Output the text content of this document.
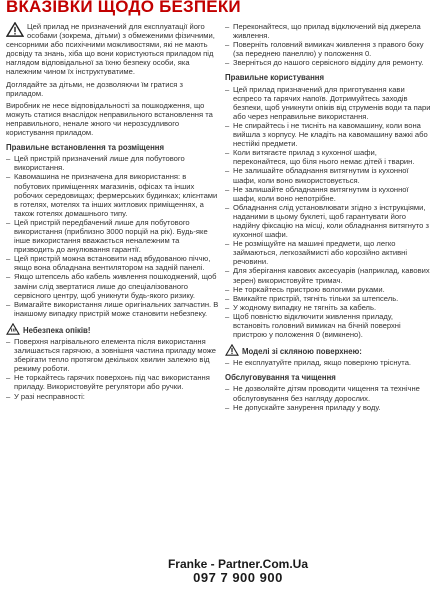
ВКАЗІВКИ ЩОДО БЕЗПЕКИ
Цей прилад не призначений для експлуатації його особами (зокрема, дітьми) з обмеженими фізичними, сенсорними або психічними можливостями, які не мають досвіду та знань, хіба що вони користуються приладом під наглядом відповідальної за їхню безпеку особи, яка належним чином їх інструктуватиме.
Доглядайте за дітьми, не дозволяючи їм гратися з приладом.
Виробник не несе відповідальності за пошкодження, що можуть статися внаслідок неправильного встановлення та неправильного, ненале жного чи нерозсудливого користування приладом.
Правильне встановлення та розміщення
– Цей пристрій призначений лише для побутового використання.
– Кавомашина не призначена для використання: в побутових приміщеннях магазинів, офісах та інших робочих середовищах; фермерських будинках; клієнтами в готелях, мотелях та інших житлових приміщеннях, а також готелях домашнього типу.
– Цей пристрій передбачений лише для побутового використання (приблизно 3000 порцій на рік). Будь-яке інше використання вважається неналежним та призводить до анулювання гарантії.
– Цей пристрій можна встановити над вбудованою піччю, якщо вона обладнана вентилятором на задній панелі.
– Якщо штепсель або кабель живлення пошкоджений, щоб заміни слід звертатися лише до спеціалізованого сервісного центру, щоб уникнути будь-якого ризику.
– Вимагайте використання лише оригінальних запчастин. В інакшому випадку пристрій може становити небезпеку.
Небезпека опіків!
– Поверхня нагрівального елемента після використання залишається гарячою, а зовнішня частина приладу може зберігати тепло протягом декількох хвилин залежно від режиму роботи.
– Не торкайтесь гарячих поверхонь під час використання приладу. Використовуйте регулятори або ручки.
– У разі несправності:
– Переконайтеся, що прилад відключений від джерела живлення.
– Поверніть головний вимикач живлення з правого боку (за переднею панеллю) у положення 0.
– Зверніться до нашого сервісного відділу для ремонту.
Правильне користування
– Цей прилад призначений для приготування кави еспресо та гарячих напоїв. Дотримуйтесь заходів безпеки, щоб уникнути опіків від струменів води та пари або через неправильне використання.
– Не спирайтесь і не тисніть на кавомашину, коли вона вийшла з корпусу. Не кладіть на кавомашину важкі або нестійкі предмети.
– Коли витягаєте прилад з кухонної шафи, переконайтеся, що біля нього немає дітей і тварин.
– Не залишайте обладнання витягнутим із кухонної шафи, коли воно використовується.
– Не залишайте обладнання витягнутим із кухонної шафи, коли воно непотрібне.
– Обладнання слід установлювати згідно з інструкціями, наданими в цьому буклеті, щоб гарантувати його надійну фіксацію на місці, коли обладнання витягнуто з кухонної шафи.
– Не розміщуйте на машині предмети, що легко займаються, легкозаймисті або корозійно активні речовини.
– Для зберігання кавових аксесуарів (наприклад, кавових зерен) використовуйте тримач.
– Не торкайтесь пристрою вологими руками.
– Вмикайте пристрій, тягніть тільки за штепсель.
– У жодному випадку не тягніть за кабель.
– Щоб повністю відключити живлення приладу, встановіть головний вимикач на бічній поверхні пристрою у положення 0 (вимкнено).
Моделі зі скляною поверхнею:
– Не експлуатуйте прилад, якщо поверхню тріснута.
Обслуговування та чищення
– Не дозволяйте дітям проводити чищення та технічне обслуговування без нагляду дорослих.
– Не допускайте занурення приладу у воду.
Franke - Partner.Com.Ua
097 7 900 900
